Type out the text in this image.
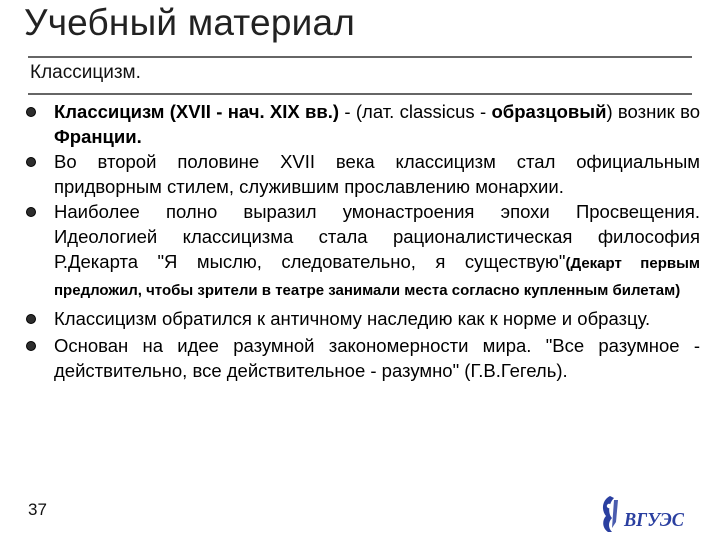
Учебный материал
Классицизм.
Классицизм (XVII - нач. XIX вв.) - (лат. classicus - образцовый) возник во Франции.
Во второй половине XVII века классицизм стал официальным придворным стилем, служившим прославлению монархии.
Наиболее полно выразил умонастроения эпохи Просвещения. Идеологией классицизма стала рационалистическая философия Р.Декарта "Я мыслю, следовательно, я существую"(Декарт первым предложил, чтобы зрители в театре занимали места согласно купленным билетам)
Классицизм обратился к античному наследию как к норме и образцу.
Основан на идее разумной закономерности мира. "Все разумное - действительно, все действительное - разумно" (Г.В.Гегель).
37	ВГУЭС
